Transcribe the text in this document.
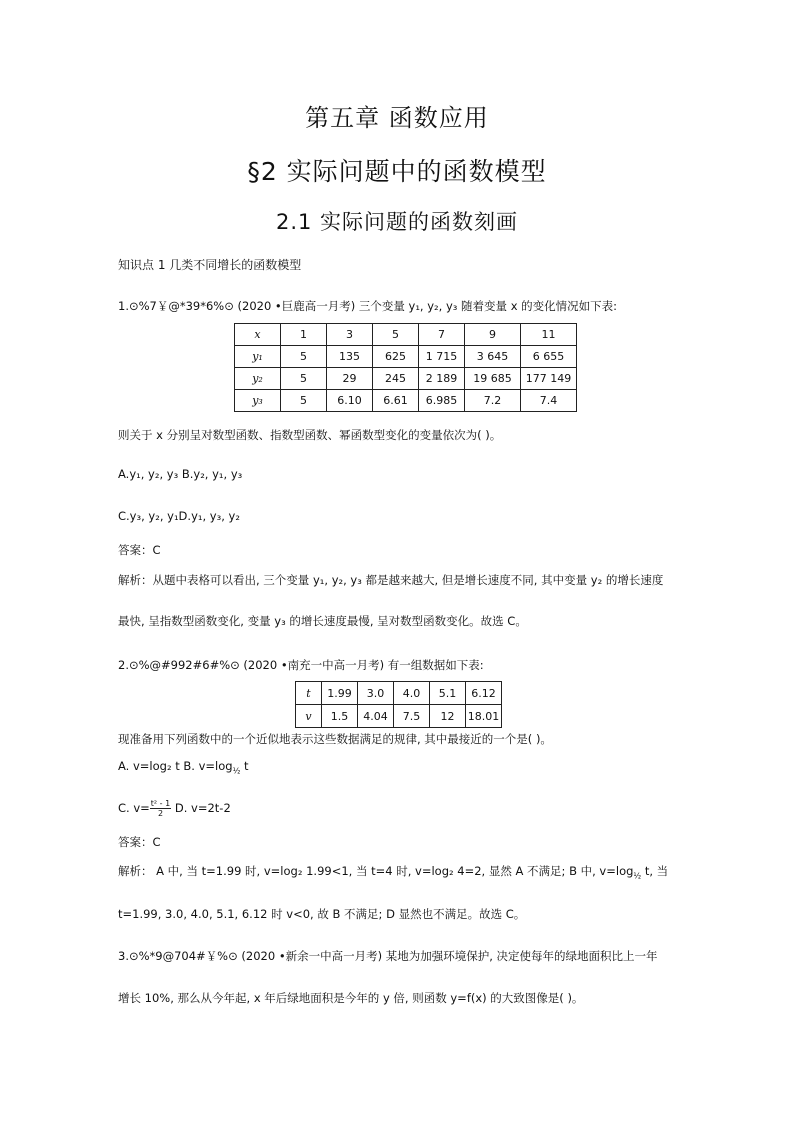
第五章 函数应用
§2 实际问题中的函数模型
2.1 实际问题的函数刻画
知识点 1 几类不同增长的函数模型
1.⊙%7￥@*39*6%⊙ (2020 •巨鹿高一月考) 三个变量 y₁, y₂, y₃ 随着变量 x 的变化情况如下表:
x	1	3	5	7	9	11
y₁	5	135	625	1 715	3 645	6 655
y₂	5	29	245	2 189	19 685	177 149
y₃	5	6.10	6.61	6.985	7.2	7.4
则关于 x 分别呈对数型函数、指数型函数、幂函数型变化的变量依次为( )。
A.y₁, y₂, y₃ B.y₂, y₁, y₃
C.y₃, y₂, y₁D.y₁, y₃, y₂
答案：C
解析：从题中表格可以看出, 三个变量 y₁, y₂, y₃ 都是越来越大, 但是增长速度不同, 其中变量 y₂ 的增长速度
最快, 呈指数型函数变化, 变量 y₃ 的增长速度最慢, 呈对数型函数变化。故选 C。
2.⊙%@#992#6#%⊙ (2020 •南充一中高一月考) 有一组数据如下表:
t	1.99	3.0	4.0	5.1	6.12
v	1.5	4.04	7.5	12	18.01
现准备用下列函数中的一个近似地表示这些数据满足的规律, 其中最接近的一个是( )。
A. v=log₂ t B. $v=\log_{\frac{1}{2}}$ t
C. $v= \frac{\text{t² - 1}}{2} D$. v=2t-2
答案：C
解析： A 中, 当 t=1.99 时, v=log₂ 1.99<1, 当 t=4 时, v=log₂ 4=2, 显然 A 不满足; B 中, $v=\log_{\frac{1}{2}}$ t, 当
t=1.99, 3.0, 4.0, 5.1, 6.12 时 v<0, 故 B 不满足; D 显然也不满足。故选 C。
3.⊙%*9@704#￥%⊙ (2020 •新余一中高一月考) 某地为加强环境保护, 决定使每年的绿地面积比上一年
增长 10%, 那么从今年起, x 年后绿地面积是今年的 y 倍, 则函数 y=f(x) 的大致图像是( )。
